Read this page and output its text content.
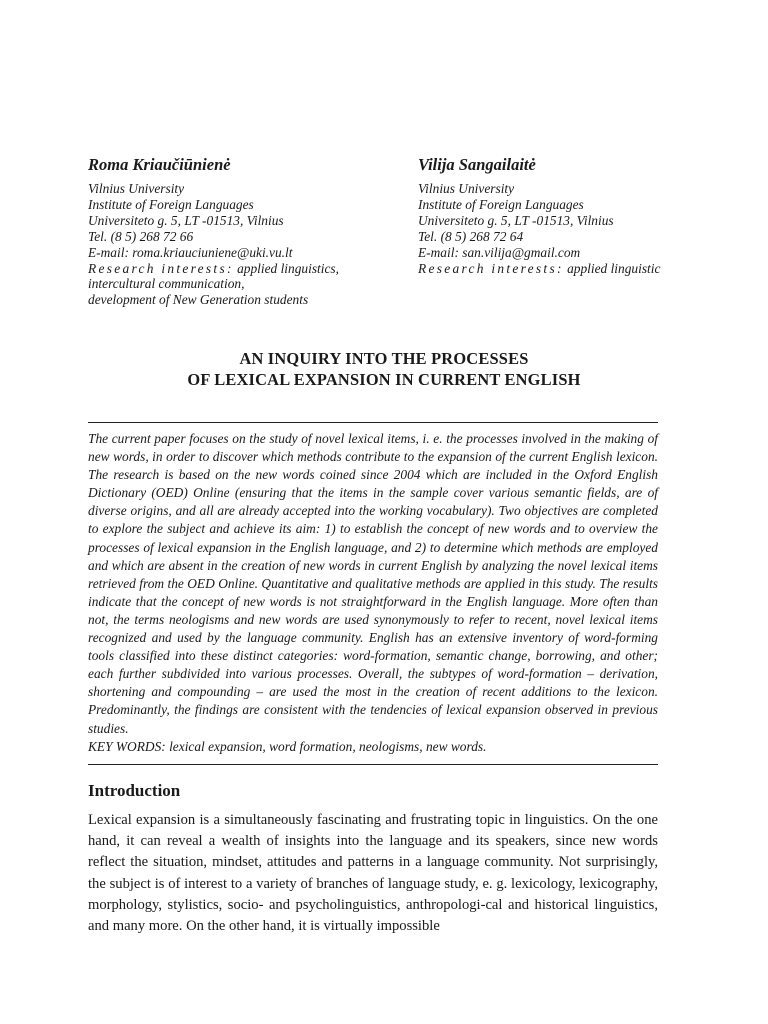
Roma Kriaučiūnienė
Vilnius University
Institute of Foreign Languages
Universiteto g. 5, LT -01513, Vilnius
Tel. (8 5) 268 72 66
E-mail: roma.kriauciuniene@uki.vu.lt
Research interests: applied linguistics,
intercultural communication,
development of New Generation students
Vilija Sangailaitė
Vilnius University
Institute of Foreign Languages
Universiteto g. 5, LT -01513, Vilnius
Tel. (8 5) 268 72 64
E-mail: san.vilija@gmail.com
Research interests: applied linguistic
AN INQUIRY INTO THE PROCESSES
OF LEXICAL EXPANSION IN CURRENT ENGLISH
The current paper focuses on the study of novel lexical items, i. e. the processes involved in the making of new words, in order to discover which methods contribute to the expansion of the current English lexicon. The research is based on the new words coined since 2004 which are included in the Oxford English Dictionary (OED) Online (ensuring that the items in the sample cover various semantic fields, are of diverse origins, and all are already accepted into the working vocabulary). Two objectives are completed to explore the subject and achieve its aim: 1) to establish the concept of new words and to overview the processes of lexical expansion in the English language, and 2) to determine which methods are employed and which are absent in the creation of new words in current English by analyzing the novel lexical items retrieved from the OED Online. Quantitative and qualitative methods are applied in this study. The results indicate that the concept of new words is not straightforward in the English language. More often than not, the terms neologisms and new words are used synonymously to refer to recent, novel lexical items recognized and used by the language community. English has an extensive inventory of word-forming tools classified into these distinct categories: word-formation, semantic change, borrowing, and other; each further subdivided into various processes. Overall, the subtypes of word-formation – derivation, shortening and compounding – are used the most in the creation of recent additions to the lexicon. Predominantly, the findings are consistent with the tendencies of lexical expansion observed in previous studies.
KEY WORDS: lexical expansion, word formation, neologisms, new words.
Introduction
Lexical expansion is a simultaneously fascinating and frustrating topic in linguistics. On the one hand, it can reveal a wealth of insights into the language and its speakers, since new words reflect the situation, mindset, attitudes and patterns in a language community. Not surprisingly, the subject is of interest to a variety of branches of language study, e. g. lexicology, lexicography, morphology, stylistics, socio- and psycholinguistics, anthropologi-cal and historical linguistics, and many more. On the other hand, it is virtually impossible
